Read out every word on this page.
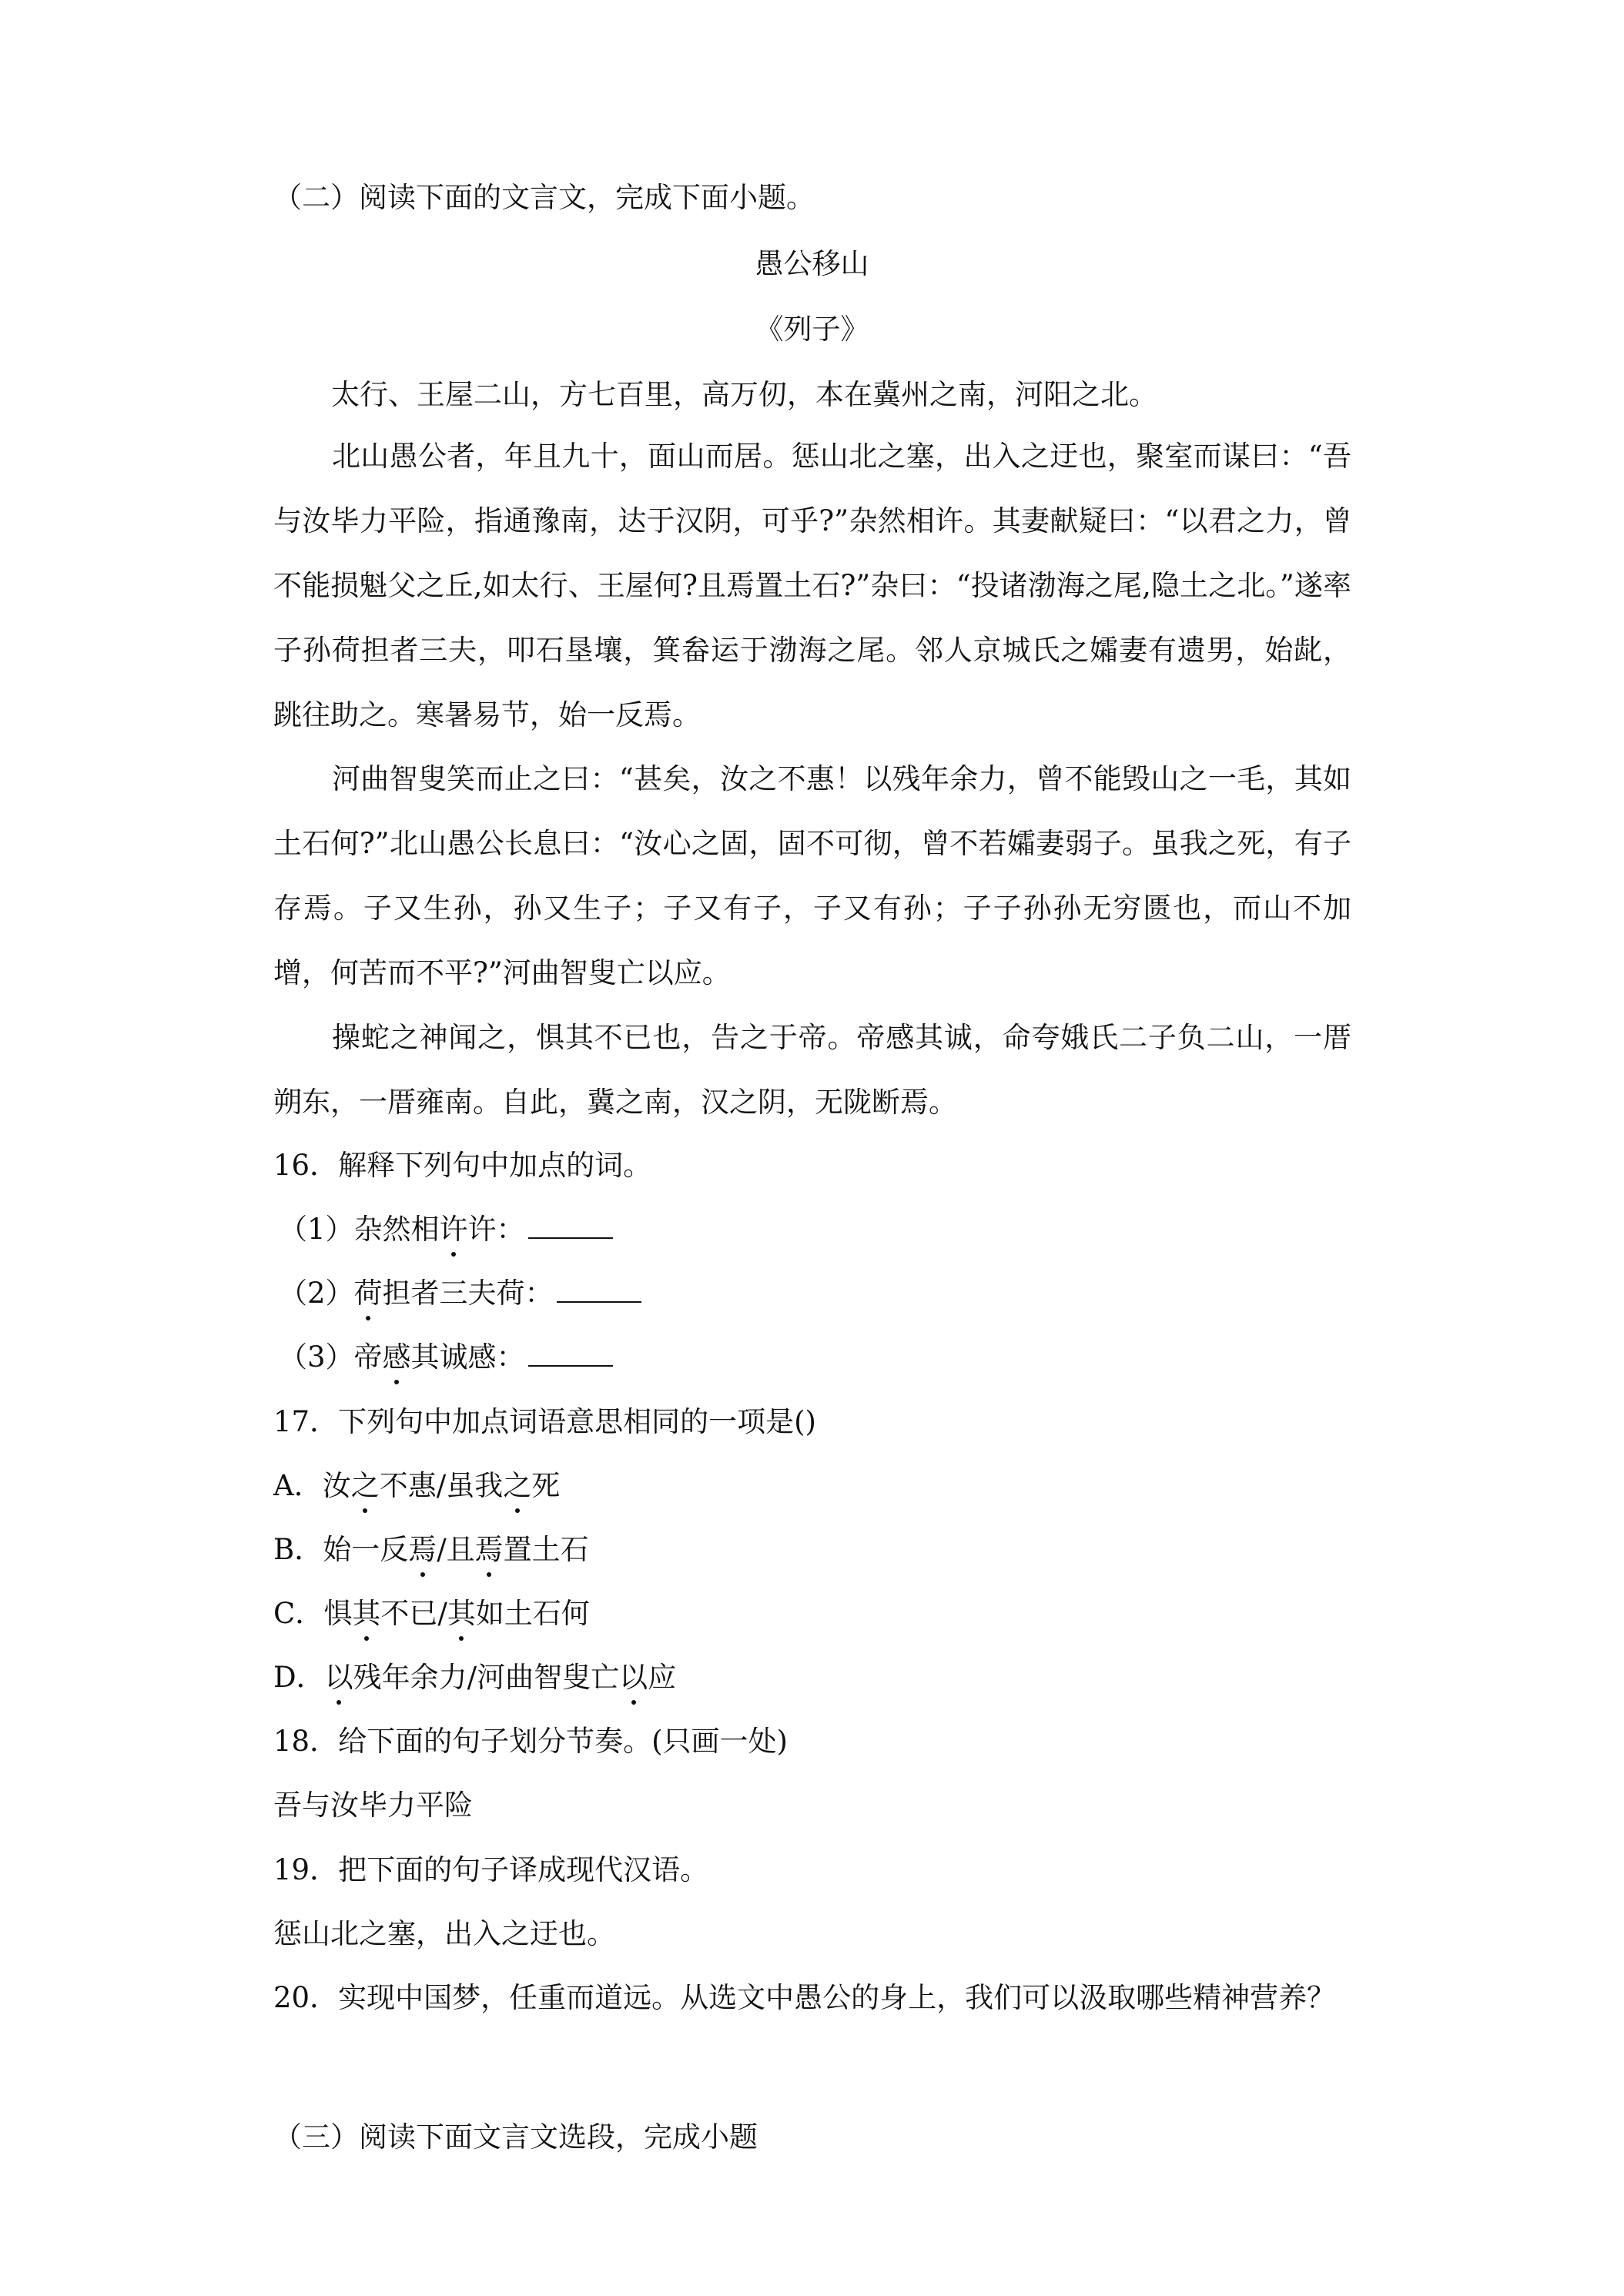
（二）阅读下面的文言文，完成下面小题。
愚公移山
《列子》
太行、王屋二山，方七百里，高万仞，本在冀州之南，河阳之北。
北山愚公者，年且九十，面山而居。惩山北之塞，出入之迂也，聚室而谋曰：“吾与汝毕力平险，指通豫南，达于汉阴，可乎?”杂然相许。其妻献疑曰：“以君之力，曾不能损魁父之丘,如太行、王屋何?且焉置土石?”杂曰：“投诸渤海之尾,隐土之北。”遂率子孙荷担者三夫，叩石垦壤，箕畚运于渤海之尾。邻人京城氏之孀妻有遗男，始龀，跳往助之。寒暑易节，始一反焉。
河曲智叟笑而止之曰：“甚矣，汝之不惠！以残年余力，曾不能毁山之一毛，其如土石何?”北山愚公长息曰：“汝心之固，固不可彻，曾不若孀妻弱子。虽我之死，有子存焉。子又生孙，孙又生子；子又有子，子又有孙；子子孙孙无穷匮也，而山不加增，何苦而不平?”河曲智叟亡以应。
操蛇之神闻之，惧其不已也，告之于帝。帝感其诚，命夸娥氏二子负二山，一厝朔东，一厝雍南。自此，冀之南，汉之阴，无陇断焉。
16．解释下列句中加点的词。
（1）杂然相许许：
（2）荷担者三夫荷：
（3）帝感其诚感：
17．下列句中加点词语意思相同的一项是()
A．汝之不惠/虽我之死
B．始一反焉/且焉置土石
C．惧其不已/其如土石何
D．以残年余力/河曲智叟亡以应
18．给下面的句子划分节奏。(只画一处)
吾与汝毕力平险
19．把下面的句子译成现代汉语。
惩山北之塞，出入之迂也。
20．实现中国梦，任重而道远。从选文中愚公的身上，我们可以汲取哪些精神营养？
（三）阅读下面文言文选段，完成小题
